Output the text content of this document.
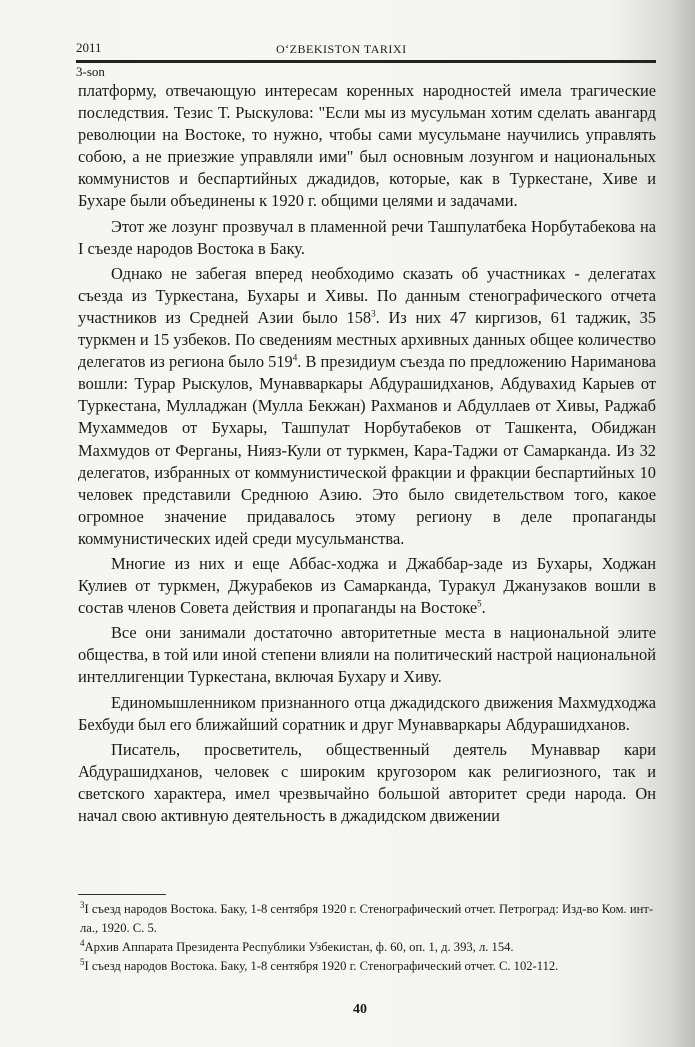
2011	O‘ZBEKISTON TARIXI
3-son

платформу, отвечающую интересам коренных народностей имела трагические последствия. Тезис Т. Рыскулова: "Если мы из мусульман хотим сделать авангард революции на Востоке, то нужно, чтобы сами мусульмане научились управлять собою, а не приезжие управляли ими" был основным лозунгом и национальных коммунистов и беспартийных джадидов, которые, как в Туркестане, Хиве и Бухаре были объединены к 1920 г. общими целями и задачами.

Этот же лозунг прозвучал в пламенной речи Ташпулатбека Норбутабекова на I съезде народов Востока в Баку.

Однако не забегая вперед необходимо сказать об участниках - делегатах съезда из Туркестана, Бухары и Хивы. По данным стенографического отчета участников из Средней Азии было $158^3$. Из них 47 киргизов, 61 таджик, 35 туркмен и 15 узбеков. По сведениям местных архивных данных общее количество делегатов из региона было $519^4$. В президиум съезда по предложению Нариманова вошли: Турар Рыскулов, Мунавваркары Абдурашидханов, Абдувахид Карыев от Туркестана, Мулладжан (Мулла Бекжан) Рахманов и Абдуллаев от Хивы, Раджаб Мухаммедов от Бухары, Ташпулат Норбутабеков от Ташкента, Обиджан Махмудов от Ферганы, Нияз-Кули от туркмен, Кара-Таджи от Самарканда. Из 32 делегатов, избранных от коммунистической фракции и фракции беспартийных 10 человек представили Среднюю Азию. Это было свидетельством того, какое огромное значение придавалось этому региону в деле пропаганды коммунистических идей среди мусульманства.

Многие из них и еще Аббас-ходжа и Джаббар-заде из Бухары, Ходжан Кулиев от туркмен, Джурабеков из Самарканда, Туракул Джанузаков вошли в состав членов Совета действия и пропаганды на Востоке$^5$.

Все они занимали достаточно авторитетные места в национальной элите общества, в той или иной степени влияли на политический настрой национальной интеллигенции Туркестана, включая Бухару и Хиву.

Единомышленником признанного отца джадидского движения Махмудходжа Бехбуди был его ближайший соратник и друг Мунавваркары Абдурашидханов.

Писатель, просветитель, общественный деятель Мунаввар кари Абдурашидханов, человек с широким кругозором как религиозного, так и светского характера, имел чрезвычайно большой авторитет среди народа. Он начал свою активную деятельность в джадидском движении

$^3$I съезд народов Востока. Баку, 1-8 сентября 1920 г. Стенографический отчет. Петроград: Изд-во Ком. инт-ла., 1920. С. 5.
$^4$Архив Аппарата Президента Республики Узбекистан, ф. 60, оп. 1, д. 393, л. 154.
$^5$I съезд народов Востока. Баку, 1-8 сентября 1920 г. Стенографический отчет. С. 102-112.
40
